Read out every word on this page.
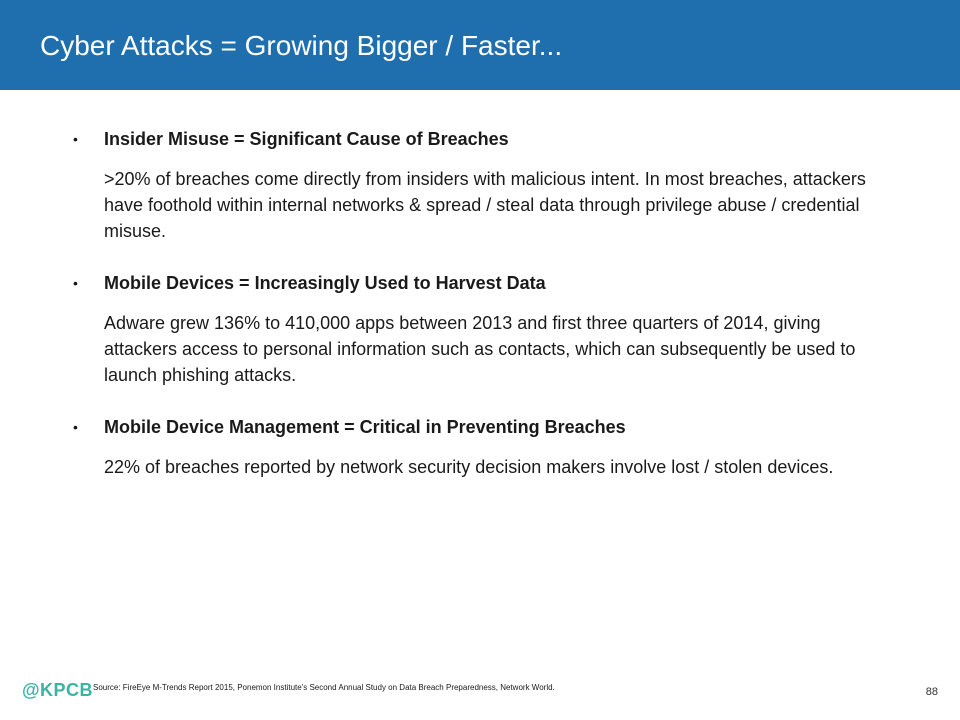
Cyber Attacks = Growing Bigger / Faster...
• Insider Misuse = Significant Cause of Breaches

>20% of breaches come directly from insiders with malicious intent. In most breaches, attackers have foothold within internal networks & spread / steal data through privilege abuse / credential misuse.

• Mobile Devices = Increasingly Used to Harvest Data

Adware grew 136% to 410,000 apps between 2013 and first three quarters of 2014, giving attackers access to personal information such as contacts, which can subsequently be used to launch phishing attacks.

• Mobile Device Management = Critical in Preventing Breaches

22% of breaches reported by network security decision makers involve lost / stolen devices.

@KPCB Source: FireEye M-Trends Report 2015, Ponemon Institute's Second Annual Study on Data Breach Preparedness, Network World.	88
